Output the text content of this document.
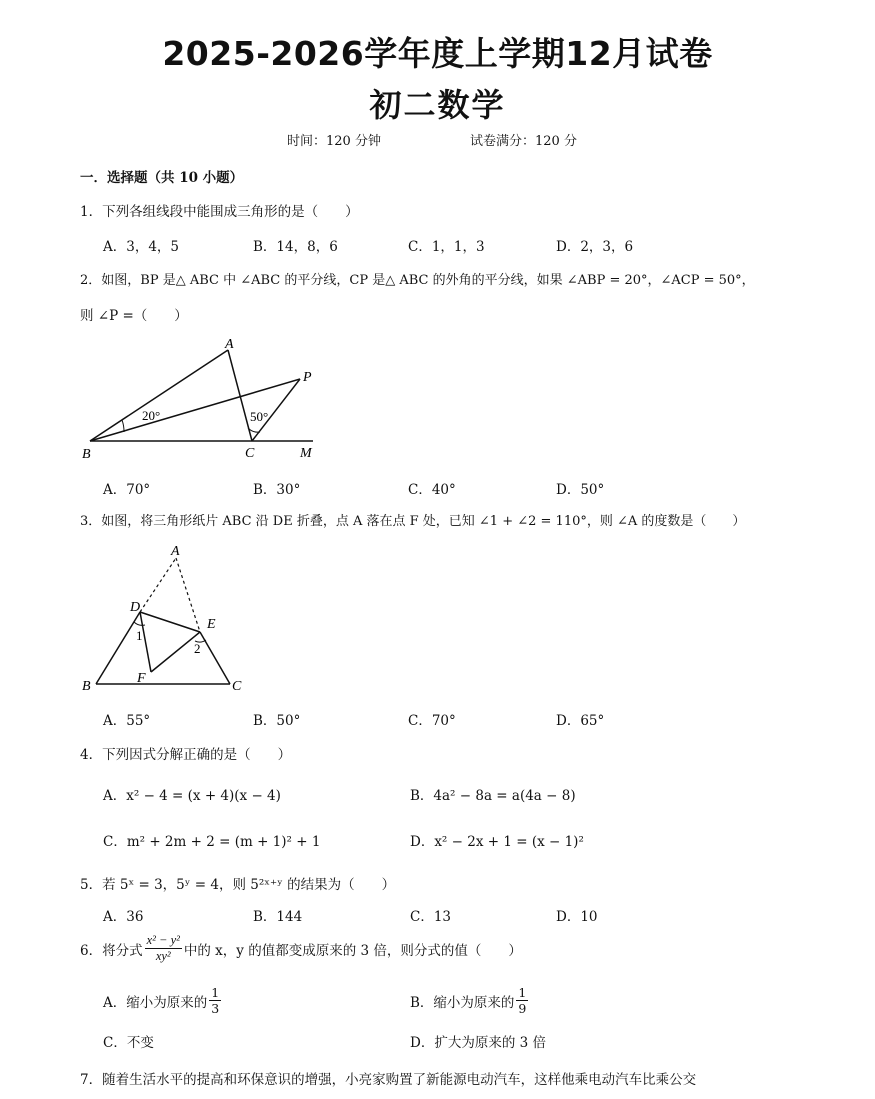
2025-2026学年度上学期12月试卷
初二数学
时间：120 分钟	试卷满分：120 分
一．选择题（共 10 小题）
1．下列各组线段中能围成三角形的是（　　）
A．3，4，5	B．14，8，6	C．1，1，3	D．2，3，6
2．如图，BP 是△ ABC 中 ∠ABC 的平分线，CP 是△ ABC 的外角的平分线，如果 ∠ABP = 20°，∠ACP = 50°，
则 ∠P =（　　）
A
B	C	M
P
20°	50°
A．70°	B．30°	C．40°	D．50°
3．如图，将三角形纸片 ABC 沿 DE 折叠，点 A 落在点 F 处，已知 ∠1 + ∠2 = 110°，则 ∠A 的度数是（　　）
A
B	C
D
E
F
1
2
A．55°	B．50°	C．70°	D．65°
4．下列因式分解正确的是（　　）
A．x² − 4 = (x + 4)(x − 4)	B．4a² − 8a = a(4a − 8)
C．m² + 2m + 2 = (m + 1)² + 1	D．x² − 2x + 1 = (x − 1)²
5．若 5ˣ = 3，5ʸ = 4，则 5²ˣ⁺ʸ 的结果为（　　）
A．36	B．144	C．13	D．10
6．将分式 $\frac{\text{x² − y²}}{\text{xy²}}$ 中的 x，y 的值都变成原来的 3 倍，则分式的值（　　）
A．缩小为原来的 $\frac{1}{3}$	B．缩小为原来的 $\frac{1}{9}$
C．不变	D．扩大为原来的 3 倍
7．随着生活水平的提高和环保意识的增强，小亮家购置了新能源电动汽车，这样他乘电动汽车比乘公交
